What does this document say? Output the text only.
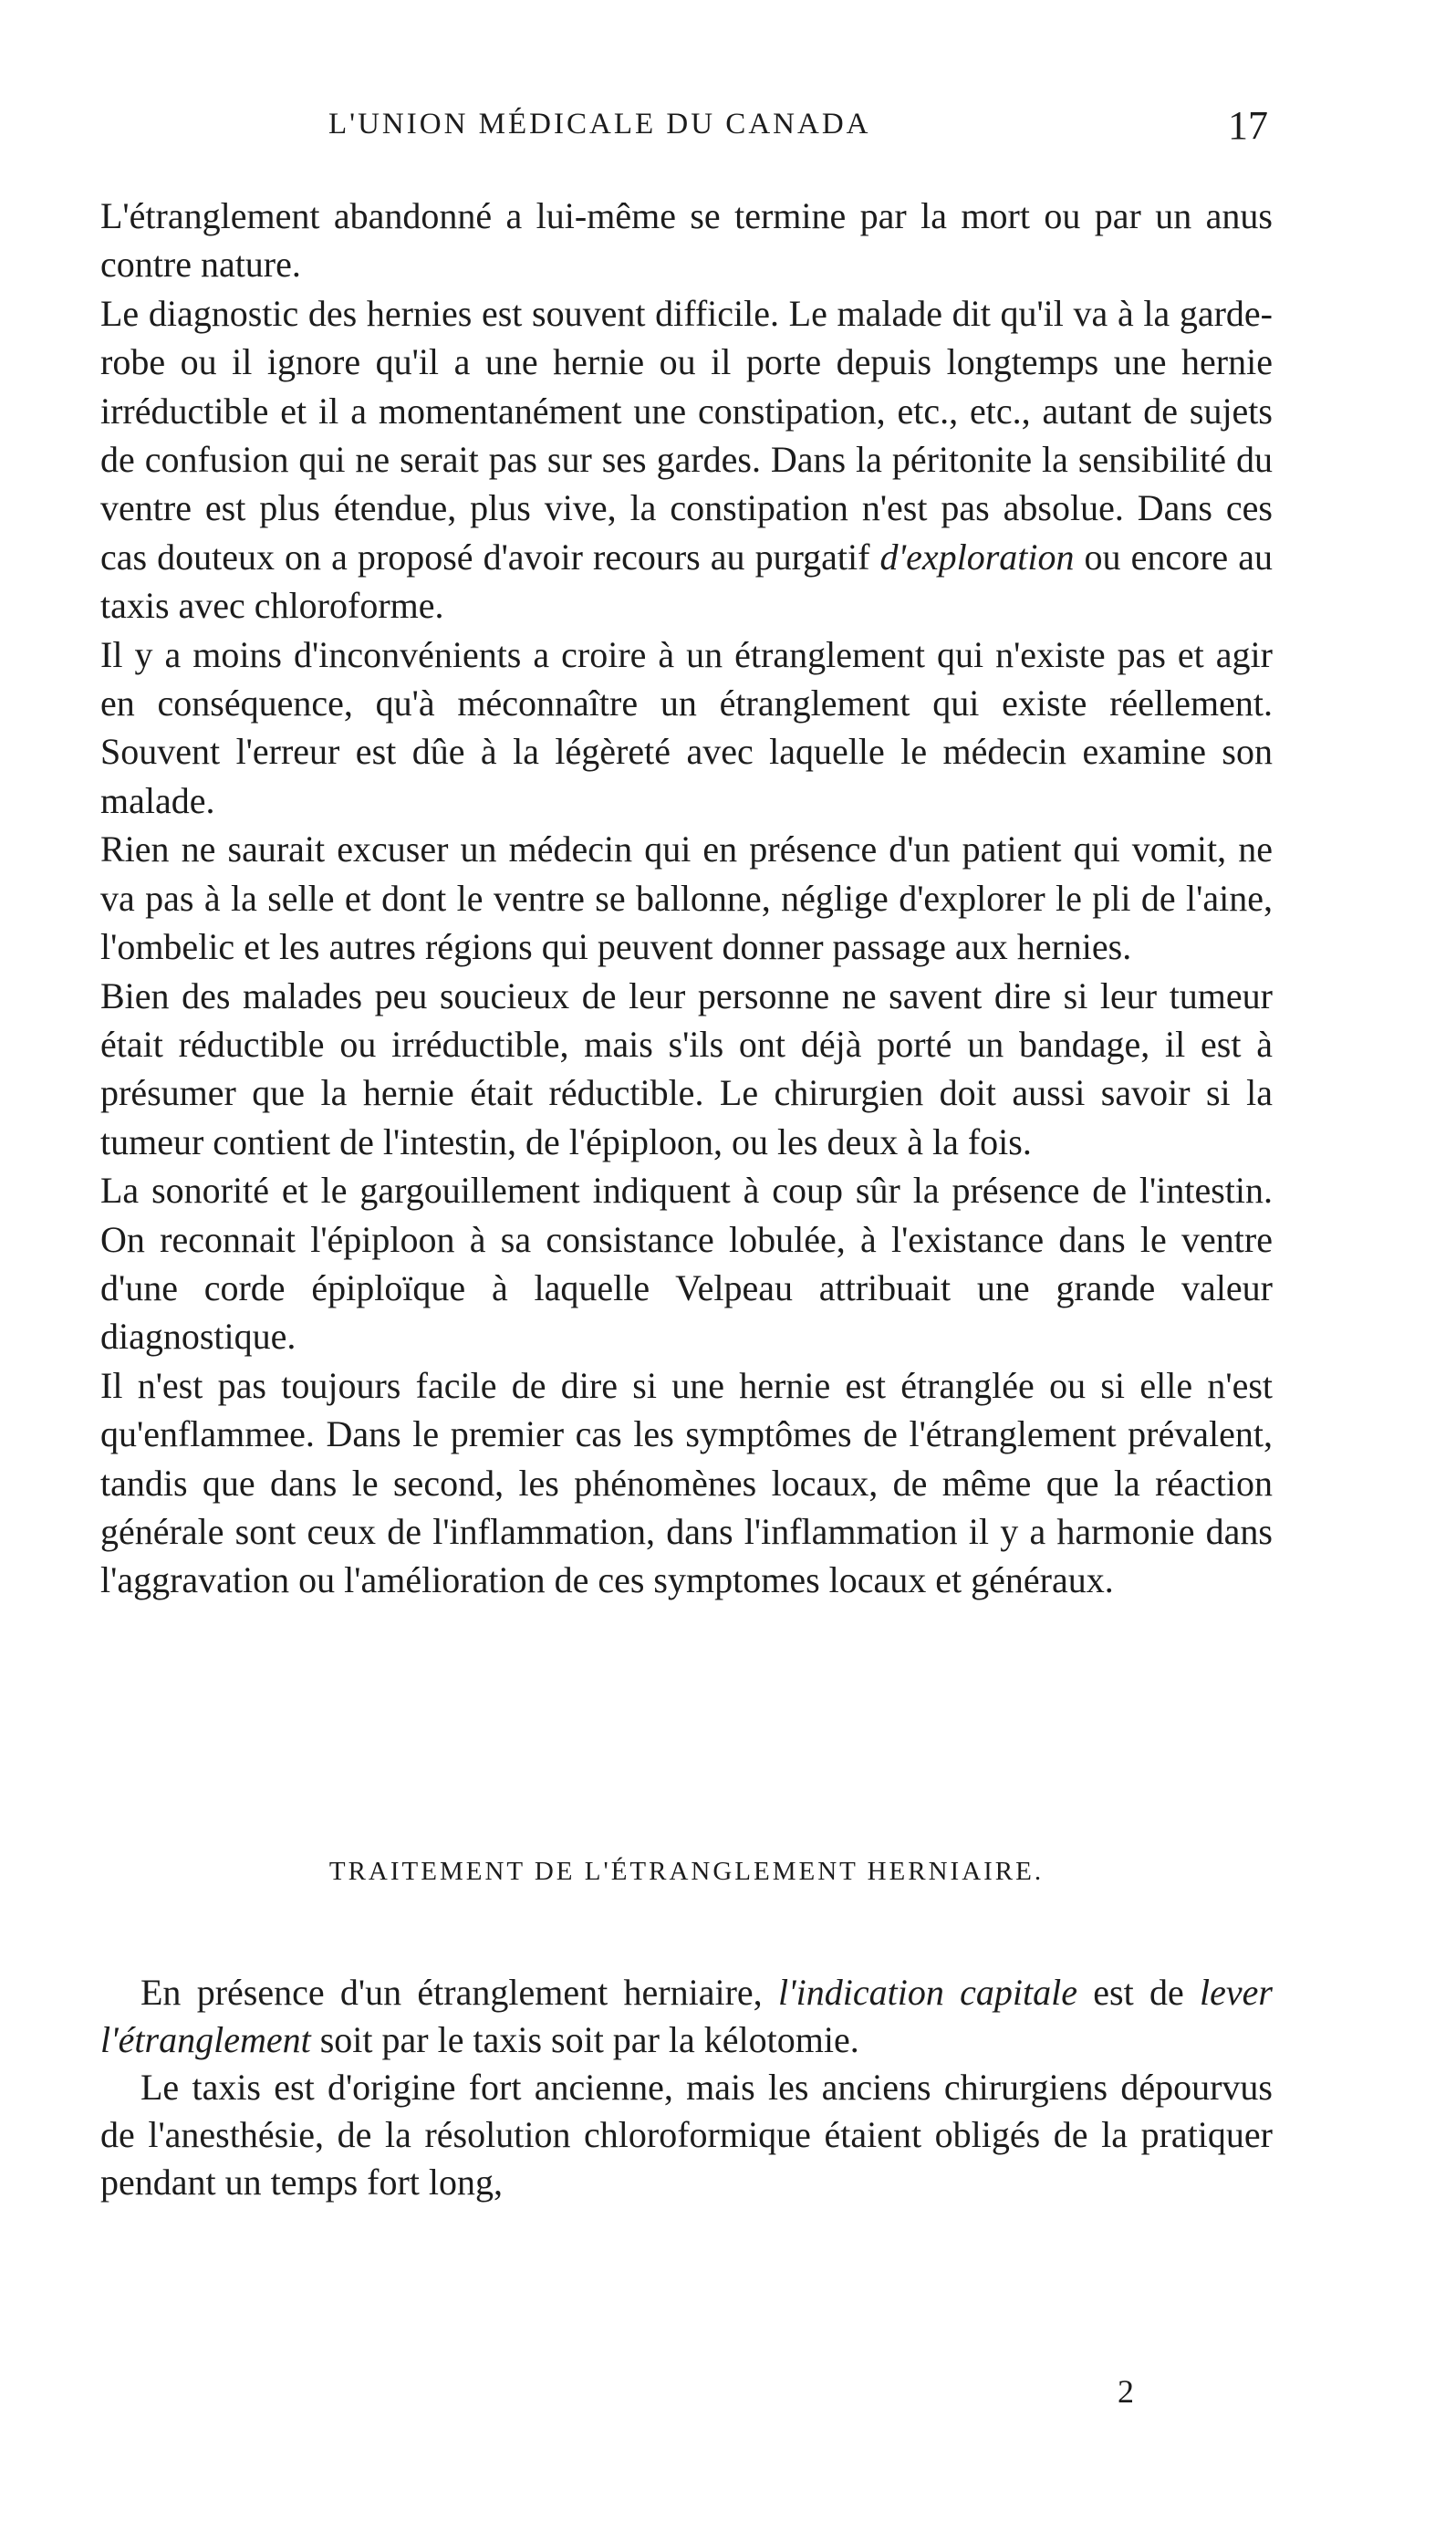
L'UNION MÉDICALE DU CANADA	17

L'étranglement abandonné a lui-même se termine par la mort ou par un anus contre nature.

Le diagnostic des hernies est souvent difficile. Le malade dit qu'il va à la garde-robe ou il ignore qu'il a une hernie ou il porte depuis longtemps une hernie irréductible et il a momentanément une constipation, etc., etc., autant de sujets de confusion qui ne serait pas sur ses gardes. Dans la péritonite la sensibilité du ventre est plus étendue, plus vive, la constipation n'est pas absolue. Dans ces cas douteux on a proposé d'avoir recours au purgatif d'exploration ou encore au taxis avec chloroforme.

Il y a moins d'inconvénients a croire à un étranglement qui n'existe pas et agir en conséquence, qu'à méconnaître un étranglement qui existe réellement. Souvent l'erreur est dûe à la légèreté avec laquelle le médecin examine son malade.

Rien ne saurait excuser un médecin qui en présence d'un patient qui vomit, ne va pas à la selle et dont le ventre se ballonne, néglige d'explorer le pli de l'aine, l'ombelic et les autres régions qui peuvent donner passage aux hernies.

Bien des malades peu soucieux de leur personne ne savent dire si leur tumeur était réductible ou irréductible, mais s'ils ont déjà porté un bandage, il est à présumer que la hernie était réductible. Le chirurgien doit aussi savoir si la tumeur contient de l'intestin, de l'épiploon, ou les deux à la fois.

La sonorité et le gargouillement indiquent à coup sûr la présence de l'intestin. On reconnait l'épiploon à sa consistance lobulée, à l'existance dans le ventre d'une corde épiploïque à laquelle Velpeau attribuait une grande valeur diagnostique.

Il n'est pas toujours facile de dire si une hernie est étranglée ou si elle n'est qu'enflammee. Dans le premier cas les symptômes de l'étranglement prévalent, tandis que dans le second, les phénomènes locaux, de même que la réaction générale sont ceux de l'inflammation, dans l'inflammation il y a harmonie dans l'aggravation ou l'amélioration de ces symptomes locaux et généraux.

TRAITEMENT DE L'ÉTRANGLEMENT HERNIAIRE.

En présence d'un étranglement herniaire, l'indication capitale est de lever l'étranglement soit par le taxis soit par la kélotomie.

Le taxis est d'origine fort ancienne, mais les anciens chirurgiens dépourvus de l'anesthésie, de la résolution chloroformique étaient obligés de la pratiquer pendant un temps fort long,

2
